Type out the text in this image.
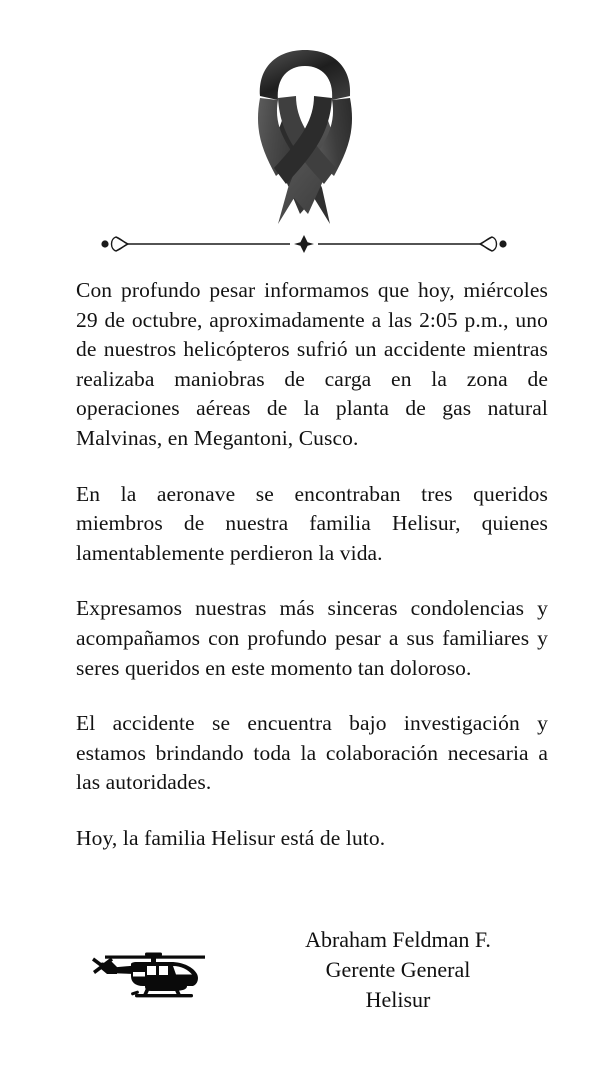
Con profundo pesar informamos que hoy, miércoles 29 de octubre, aproximadamente a las 2:05 p.m., uno de nuestros helicópteros sufrió un accidente mientras realizaba maniobras de carga en la zona de operaciones aéreas de la planta de gas natural Malvinas, en Megantoni, Cusco.

En la aeronave se encontraban tres queridos miembros de nuestra familia Helisur, quienes lamentablemente perdieron la vida.

Expresamos nuestras más sinceras condolencias y acompañamos con profundo pesar a sus familiares y seres queridos en este momento tan doloroso.

El accidente se encuentra bajo investigación y estamos brindando toda la colaboración necesaria a las autoridades.

Hoy, la familia Helisur está de luto.

Abraham Feldman F.
Gerente General
Helisur
